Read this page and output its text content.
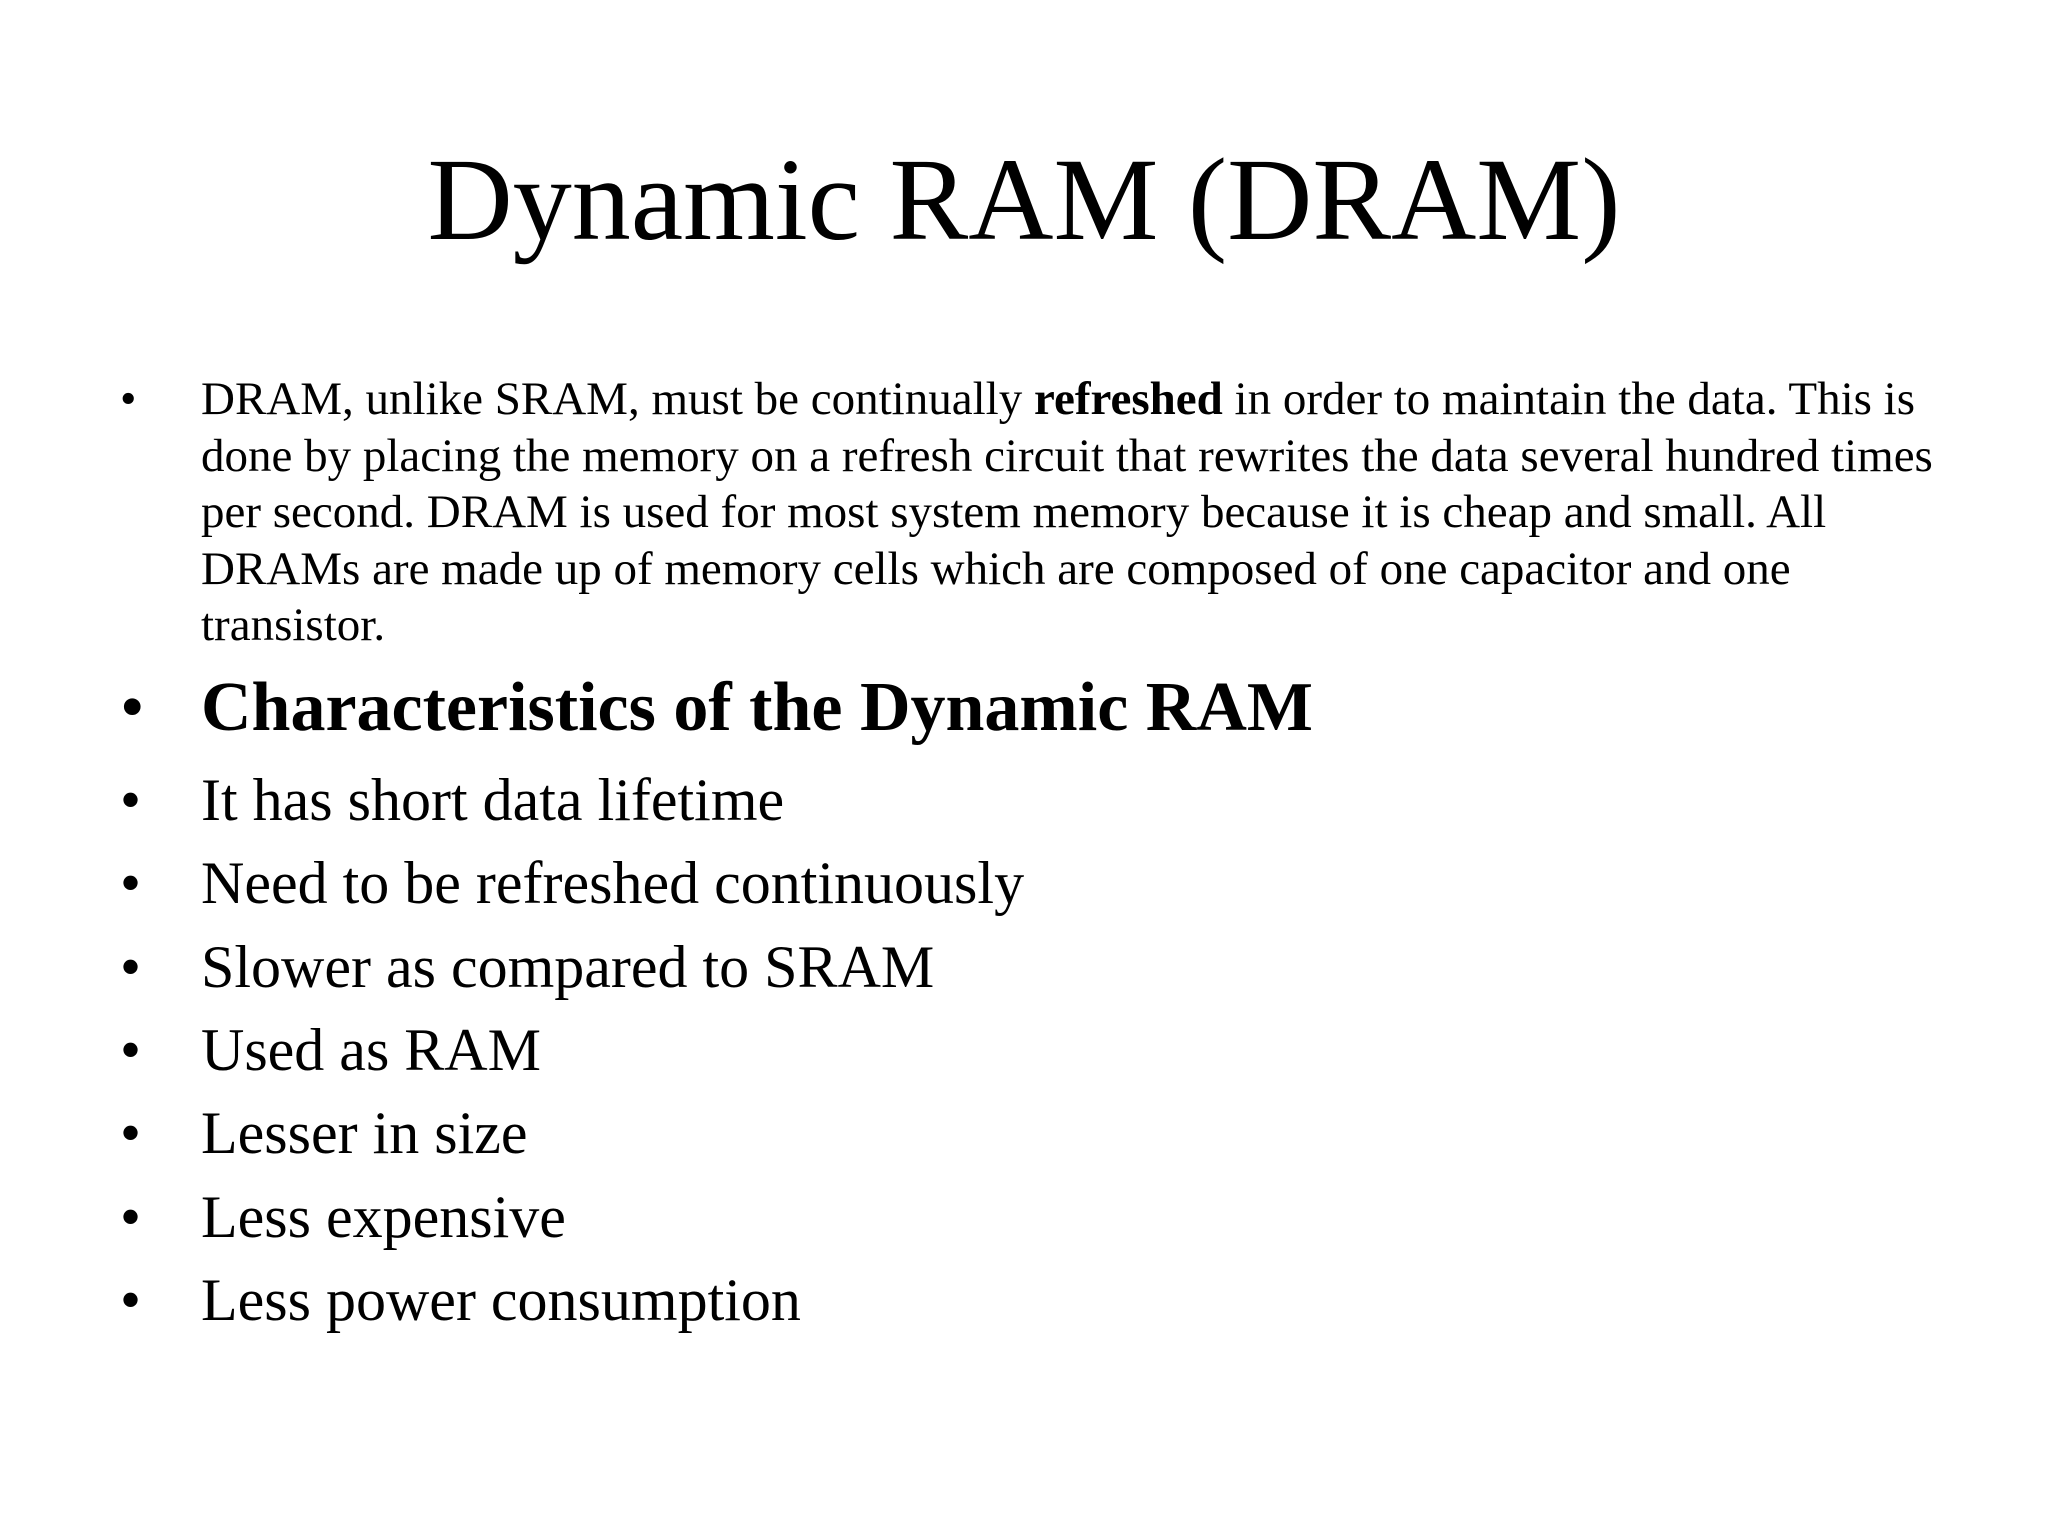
Dynamic RAM (DRAM)
•	DRAM, unlike SRAM, must be continually refreshed in order to maintain the data. This is done by placing the memory on a refresh circuit that rewrites the data several hundred times per second. DRAM is used for most system memory because it is cheap and small. All DRAMs are made up of memory cells which are composed of one capacitor and one transistor.
• Characteristics of the Dynamic RAM
• It has short data lifetime
• Need to be refreshed continuously
• Slower as compared to SRAM
• Used as RAM
• Lesser in size
• Less expensive
• Less power consumption
